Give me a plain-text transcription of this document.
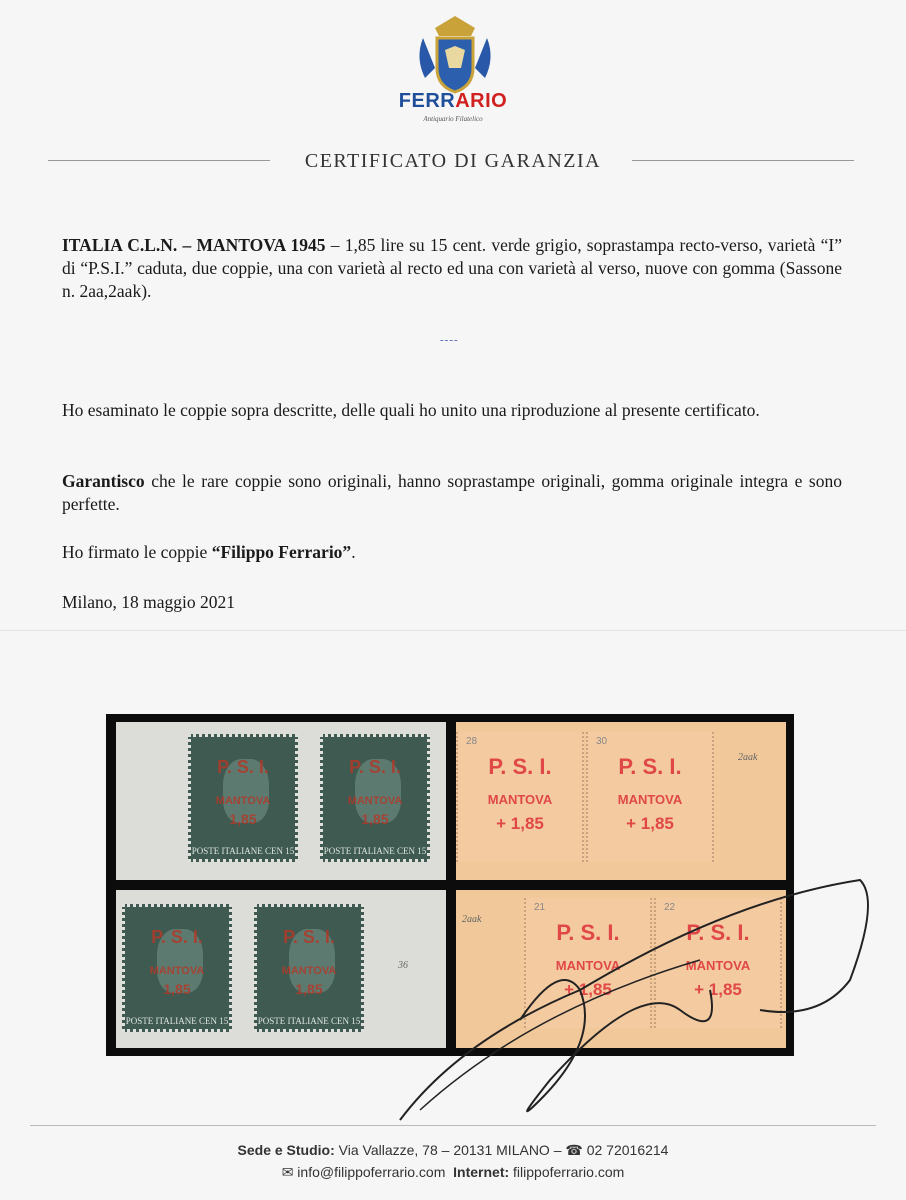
FERRARIO
Antiquario Filatelico
CERTIFICATO DI GARANZIA
ITALIA C.L.N. – MANTOVA 1945 – 1,85 lire su 15 cent. verde grigio, soprastampa recto-verso, varietà “I” di “P.S.I.” caduta, due coppie, una con varietà al recto ed una con varietà al verso, nuove con gomma (Sassone n. 2aa,2aak).
----
Ho esaminato le coppie sopra descritte, delle quali ho unito una riproduzione al presente certificato.
Garantisco che le rare coppie sono originali, hanno soprastampe originali, gomma originale integra e sono perfette.
Ho firmato le coppie “Filippo Ferrario”.
Milano, 18 maggio 2021
P. S. I.
MANTOVA
1,85
POSTE ITALIANE CEN 15
P. S. I.
MANTOVA
1,85
POSTE ITALIANE CEN 15
28
P. S. I.
MANTOVA
+ 1,85
30
P. S. I.
MANTOVA
+ 1,85
2aak
P. S. I.
MANTOVA
1,85
POSTE ITALIANE CEN 15
P. S. I.
MANTOVA
1,85
POSTE ITALIANE CEN 15
36
2aak
21
P. S. I.
MANTOVA
+ 1,85
22
P. S. I.
MANTOVA
+ 1,85
Sede e Studio: Via Vallazze, 78 – 20131 MILANO – ☎ 02 72016214
✉ info@filippoferrario.com Internet: filippoferrario.com
